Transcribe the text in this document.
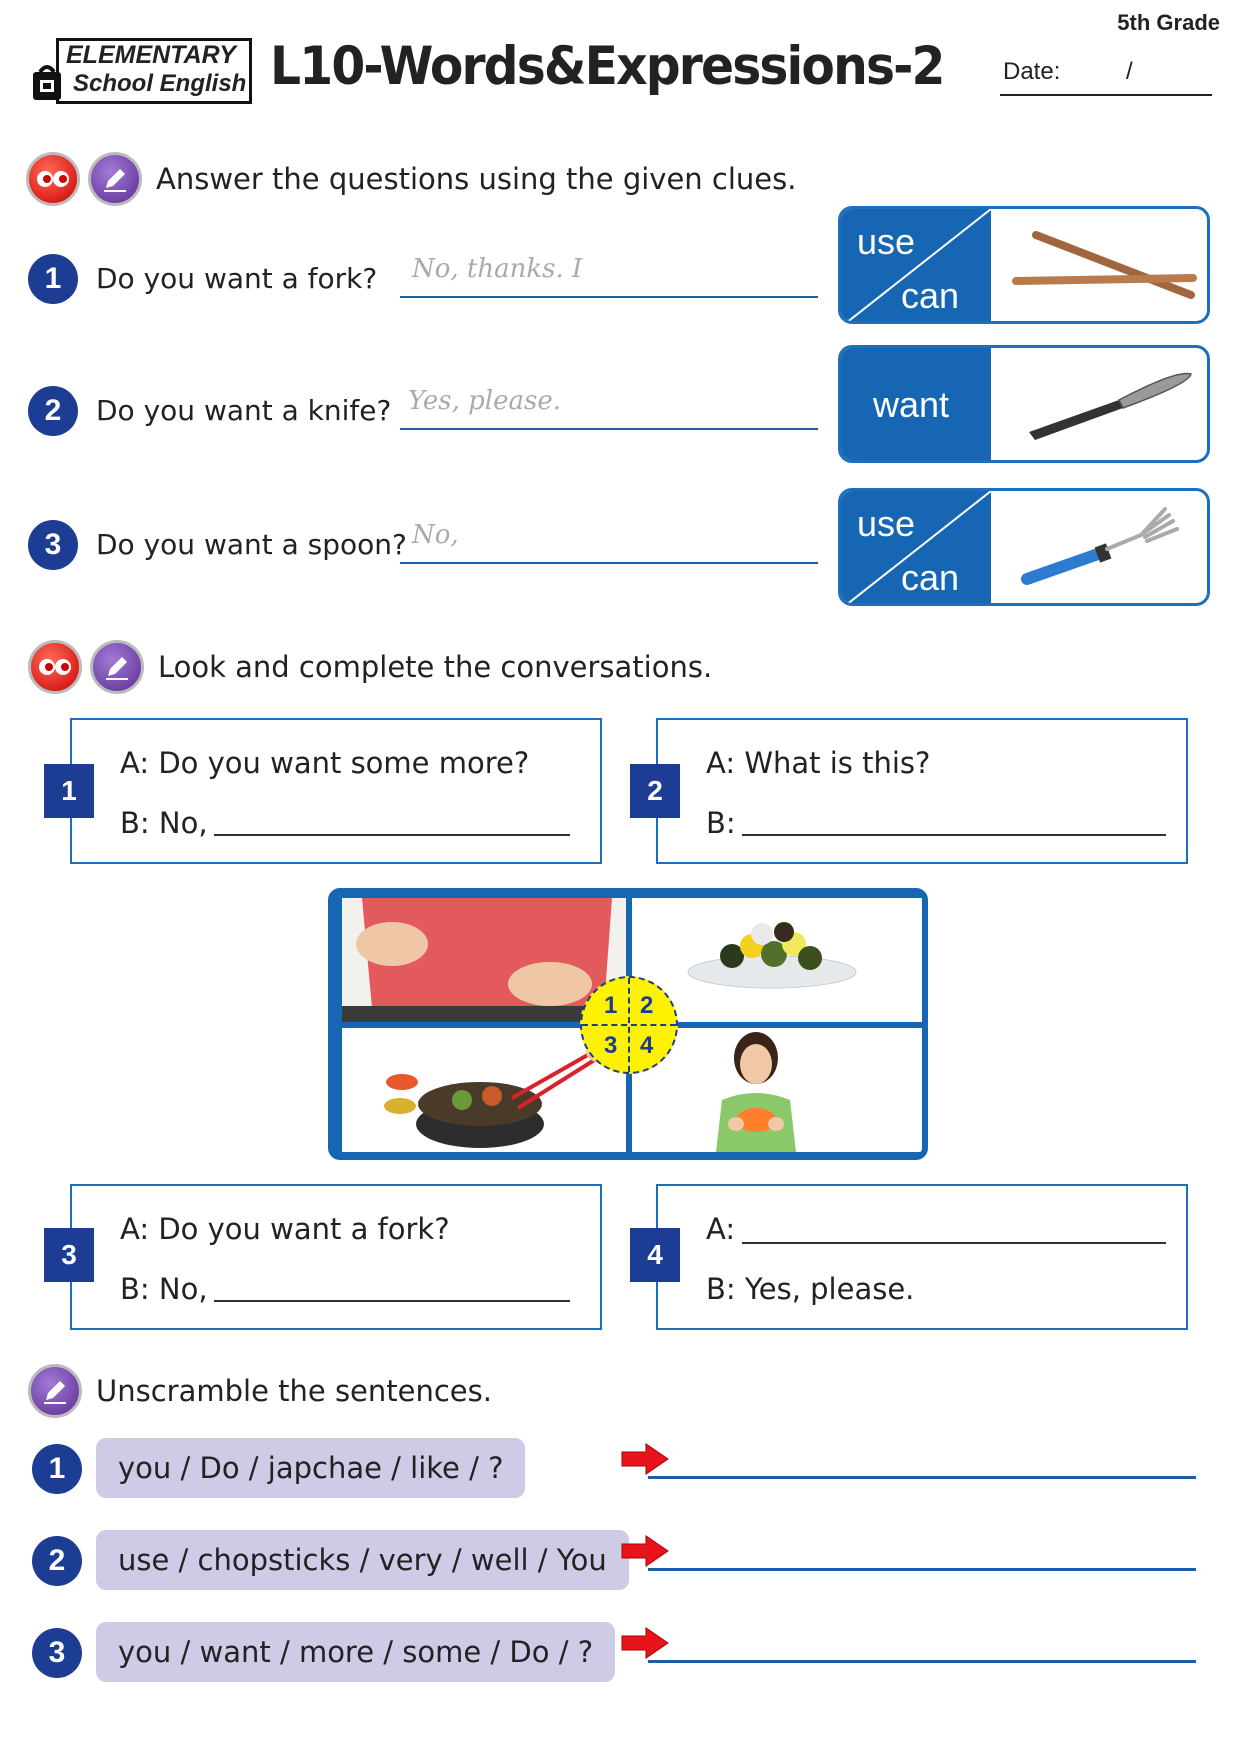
5th Grade
ELEMENTARY
School English L10-Words&Expressions-2 Date:	/
Answer the questions using the given clues.
1	Do you want a fork? No, thanks. I
use
can
2	Do you want a knife? Yes, please.	want
3	Do you want a spoon? No,	use
can
Look and complete the conversations.
A: Do you want some more?
B: No,
1
A: What is this?
B:
2
1 2
3 4
A: Do you want a fork?
B: No,
3
A:
B: Yes, please.
4
Unscramble the sentences.
1	you / Do / japchae / like / ?
2	use / chopsticks / very / well / You
3	you / want / more / some / Do / ?
